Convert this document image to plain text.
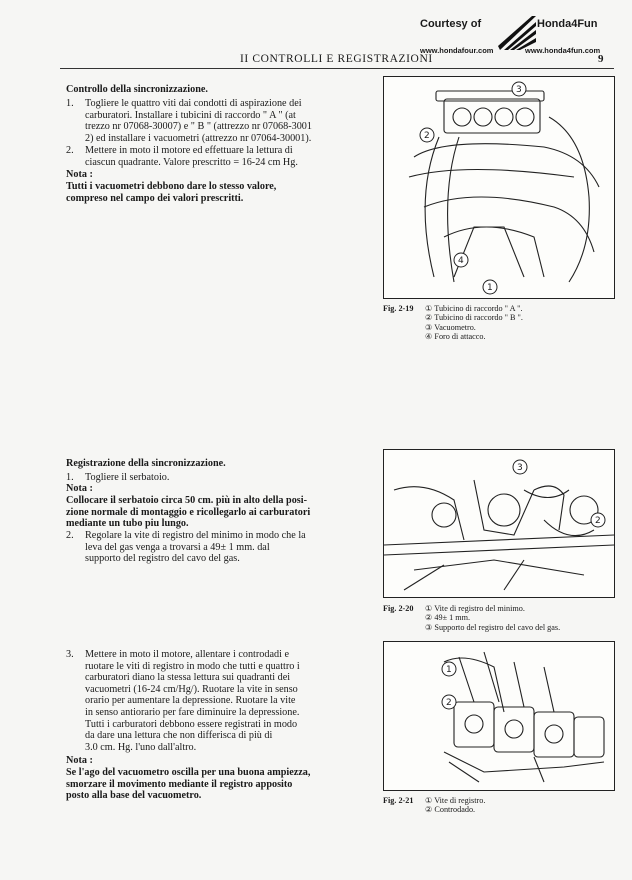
Courtesy of	Honda4Fun
www.hondafour.com	www.honda4fun.com
II CONTROLLI E REGISTRAZIONI	9
Controllo della sincronizzazione.
1. Togliere le quattro viti dai condotti di aspirazione dei
carburatori. Installare i tubicini di raccordo " A " (at
trezzo nr 07068-30007) e " B " (attrezzo nr 07068-3001
2) ed installare i vacuometri (attrezzo nr 07064-30001).
2. Mettere in moto il motore ed effettuare la lettura di
ciascun quadrante. Valore prescritto = 16-24 cm Hg.
Nota :
Tutti i vacuometri debbono dare lo stesso valore,
compreso nel campo dei valori prescritti.
3
2
4
1
Fig. 2-19 ① Tubicino di raccordo " A ".
② Tubicino di raccordo " B ".
③ Vacuometro.
④ Foro di attacco.
Registrazione della sincronizzazione.
1. Togliere il serbatoio.
Nota :
Collocare il serbatoio circa 50 cm. più in alto della posi-
zione normale di montaggio e ricollegarlo ai carburatori
mediante un tubo piu lungo.
2. Regolare la vite di registro del minimo in modo che la
leva del gas venga a trovarsi a 49± 1 mm. dal
supporto del registro del cavo del gas.
3
2
Fig. 2-20 ① Vite di registro del minimo.
② 49± 1 mm.
③ Supporto del registro del cavo del gas.
3. Mettere in moto il motore, allentare i controdadi e
ruotare le viti di registro in modo che tutti e quattro i
carburatori diano la stessa lettura sui quadranti dei
vacuometri (16-24 cm/Hg/). Ruotare la vite in senso
orario per aumentare la depressione. Ruotare la vite
in senso antiorario per fare diminuire la depressione.
Tutti i carburatori debbono essere registrati in modo
da dare una lettura che non differisca di più di
3.0 cm. Hg. l'uno dall'altro.
Nota :
Se l'ago del vacuometro oscilla per una buona ampiezza,
smorzare il movimento mediante il registro apposito
posto alla base del vacuometro.
1
2
Fig. 2-21 ① Vite di registro.
② Controdado.
